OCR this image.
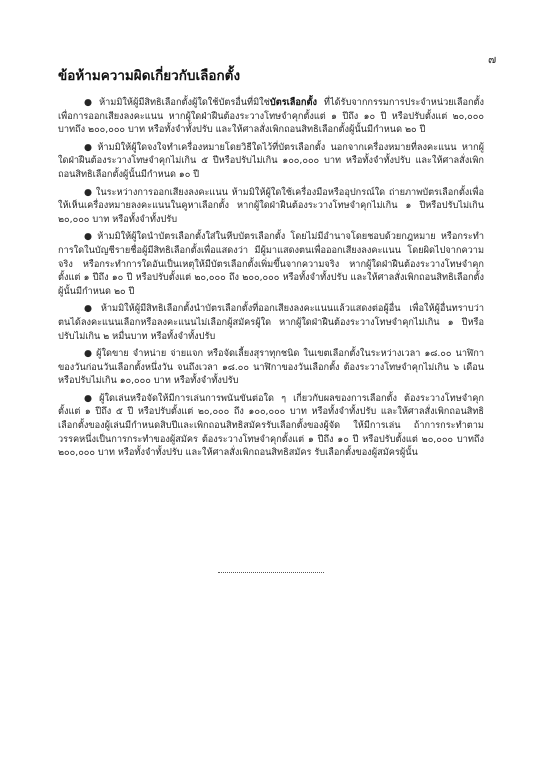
๗
ข้อห้ามความผิดเกี่ยวกับเลือกตั้ง

● ห้ามมิให้ผู้มีสิทธิเลือกตั้งผู้ใดใช้บัตรอื่นที่มิใช่บัตรเลือกตั้ง ที่ได้รับจากกรรมการประจำหน่วยเลือกตั้งเพื่อการออกเสียงลงคะแนน หากผู้ใดฝ่าฝืนต้องระวางโทษจำคุกตั้งแต่ ๑ ปีถึง ๑๐ ปี หรือปรับตั้งแต่ ๒๐,๐๐๐ บาทถึง ๒๐๐,๐๐๐ บาท หรือทั้งจำทั้งปรับ และให้ศาลสั่งเพิกถอนสิทธิเลือกตั้งผู้นั้นมีกำหนด ๒๐ ปี

● ห้ามมิให้ผู้ใดจงใจทำเครื่องหมายโดยวิธีใดไว้ที่บัตรเลือกตั้ง นอกจากเครื่องหมายที่ลงคะแนน หากผู้ใดฝ่าฝืนต้องระวางโทษจำคุกไม่เกิน ๕ ปีหรือปรับไม่เกิน ๑๐๐,๐๐๐ บาท หรือทั้งจำทั้งปรับ และให้ศาลสั่งเพิกถอนสิทธิเลือกตั้งผู้นั้นมีกำหนด ๑๐ ปี

● ในระหว่างการออกเสียงลงคะแนน ห้ามมิให้ผู้ใดใช้เครื่องมือหรืออุปกรณ์ใด ถ่ายภาพบัตรเลือกตั้งเพื่อให้เห็นเครื่องหมายลงคะแนนในคูหาเลือกตั้ง หากผู้ใดฝ่าฝืนต้องระวางโทษจำคุกไม่เกิน ๑ ปีหรือปรับไม่เกิน ๒๐,๐๐๐ บาท หรือทั้งจำทั้งปรับ

● ห้ามมิให้ผู้ใดนำบัตรเลือกตั้งใส่ในหีบบัตรเลือกตั้ง โดยไม่มีอำนาจโดยชอบด้วยกฎหมาย หรือกระทำการใดในบัญชีรายชื่อผู้มีสิทธิเลือกตั้งเพื่อแสดงว่า มีผู้มาแสดงตนเพื่อออกเสียงลงคะแนน โดยผิดไปจากความจริง หรือกระทำการใดอันเป็นเหตุให้มีบัตรเลือกตั้งเพิ่มขึ้นจากความจริง หากผู้ใดฝ่าฝืนต้องระวางโทษจำคุกตั้งแต่ ๑ ปีถึง ๑๐ ปี หรือปรับตั้งแต่ ๒๐,๐๐๐ ถึง ๒๐๐,๐๐๐ หรือทั้งจำทั้งปรับ และให้ศาลสั่งเพิกถอนสิทธิเลือกตั้งผู้นั้นมีกำหนด ๒๐ ปี

● ห้ามมิให้ผู้มีสิทธิเลือกตั้งนำบัตรเลือกตั้งที่ออกเสียงลงคะแนนแล้วแสดงต่อผู้อื่น เพื่อให้ผู้อื่นทราบว่าตนได้ลงคะแนนเลือกหรือลงคะแนนไม่เลือกผู้สมัครผู้ใด หากผู้ใดฝ่าฝืนต้องระวางโทษจำคุกไม่เกิน ๑ ปีหรือปรับไม่เกิน ๒ หมื่นบาท หรือทั้งจำทั้งปรับ

● ผู้ใดขาย จำหน่าย จ่ายแจก หรือจัดเลี้ยงสุราทุกชนิด ในเขตเลือกตั้งในระหว่างเวลา ๑๘.๐๐ นาฬิกาของวันก่อนวันเลือกตั้งหนึ่งวัน จนถึงเวลา ๑๘.๐๐ นาฬิกาของวันเลือกตั้ง ต้องระวางโทษจำคุกไม่เกิน ๖ เดือน หรือปรับไม่เกิน ๑๐,๐๐๐ บาท หรือทั้งจำทั้งปรับ

● ผู้ใดเล่นหรือจัดให้มีการเล่นการพนันขันต่อใด ๆ เกี่ยวกับผลของการเลือกตั้ง ต้องระวางโทษจำคุกตั้งแต่ ๑ ปีถึง ๕ ปี หรือปรับตั้งแต่ ๒๐,๐๐๐ ถึง ๑๐๐,๐๐๐ บาท หรือทั้งจำทั้งปรับ และให้ศาลสั่งเพิกถอนสิทธิเลือกตั้งของผู้เล่นมีกำหนดสิบปีและเพิกถอนสิทธิสมัครรับเลือกตั้งของผู้จัด ให้มีการเล่น ถ้าการกระทำตามวรรคหนึ่งเป็นการกระทำของผู้สมัคร ต้องระวางโทษจำคุกตั้งแต่ ๑ ปีถึง ๑๐ ปี หรือปรับตั้งแต่ ๒๐,๐๐๐ บาทถึง ๒๐๐,๐๐๐ บาท หรือทั้งจำทั้งปรับ และให้ศาลสั่งเพิกถอนสิทธิสมัคร รับเลือกตั้งของผู้สมัครผู้นั้น
